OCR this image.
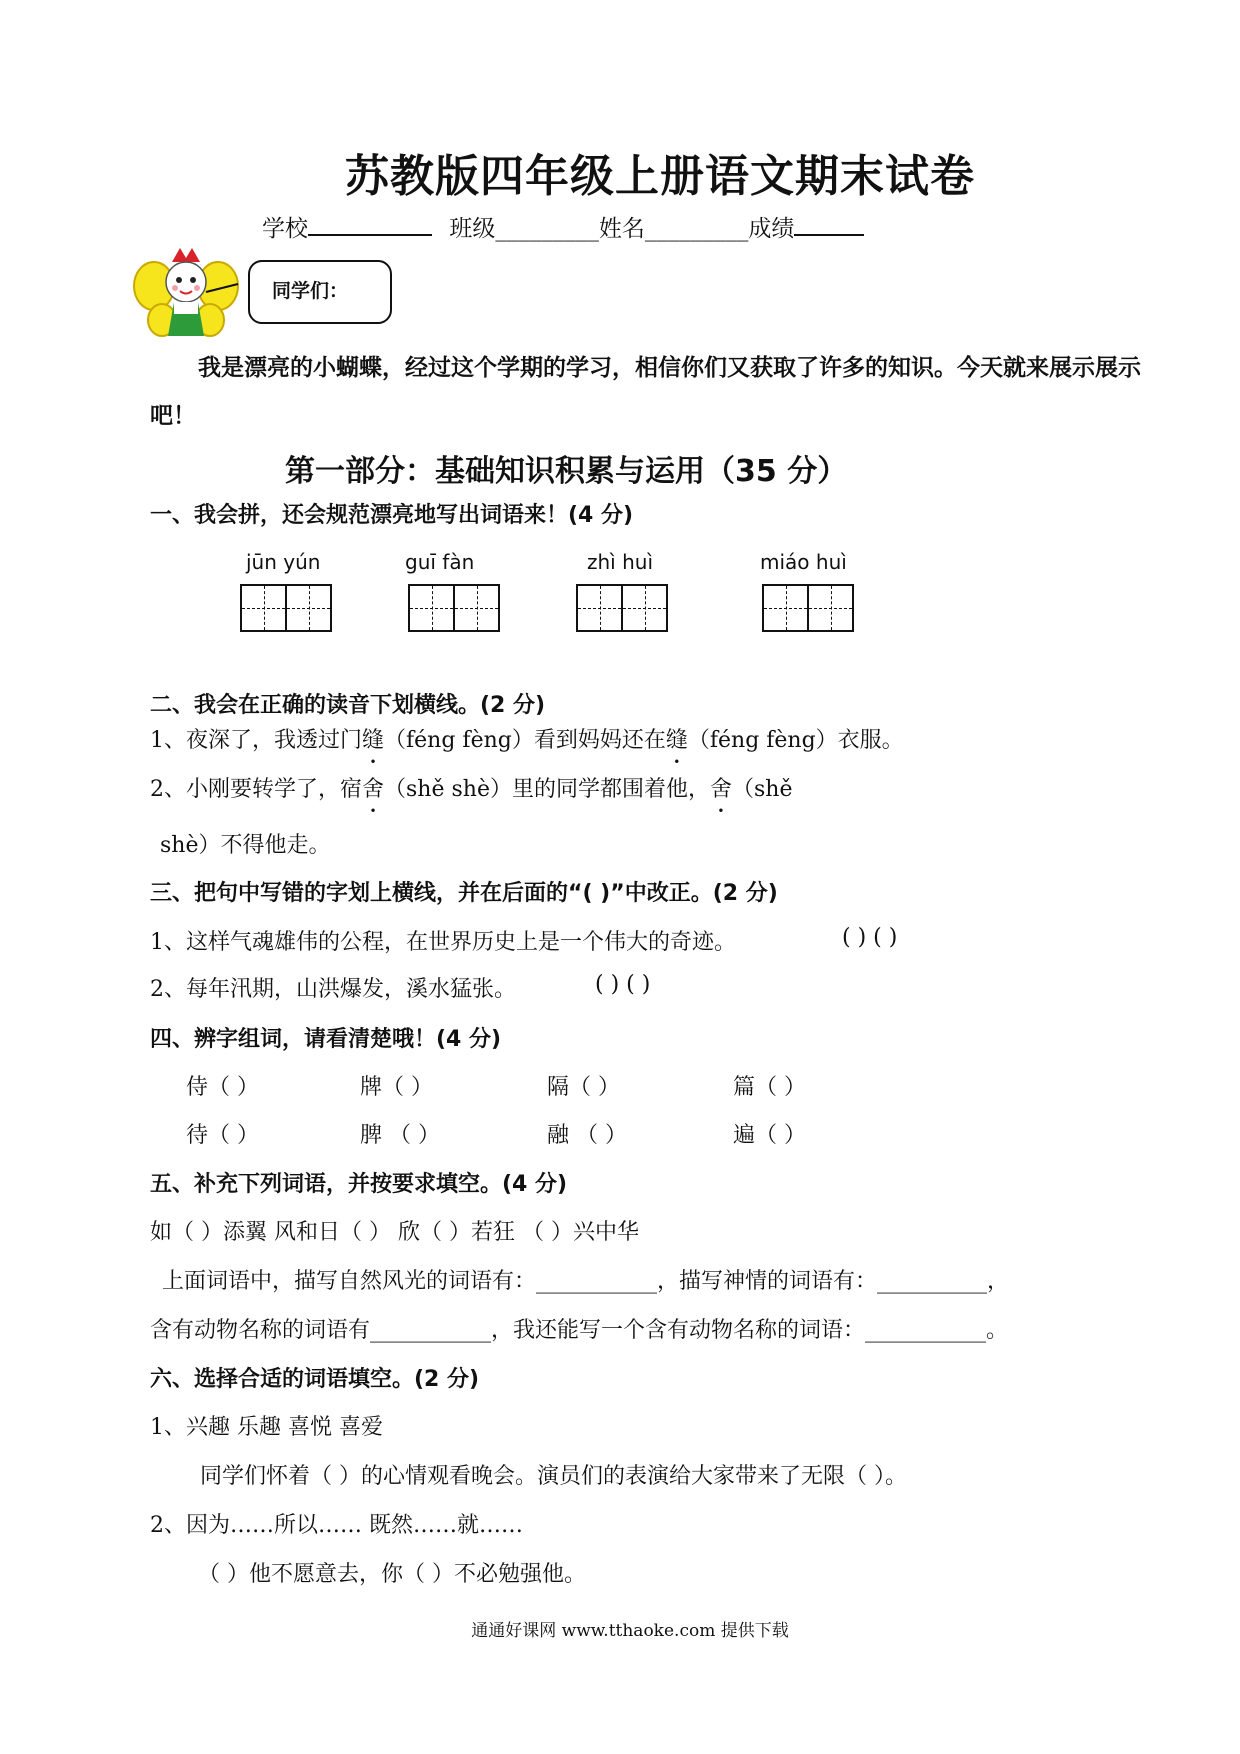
苏教版四年级上册语文期末试卷
学校	班级_________姓名_________成绩
同学们：
我是漂亮的小蝴蝶，经过这个学期的学习，相信你们又获取了许多的知识。今天就来展示展示吧！
第一部分：基础知识积累与运用（35 分）
一、我会拼，还会规范漂亮地写出词语来！(4 分)
jūn yún	guī fàn	zhì huì	miáo huì
二、我会在正确的读音下划横线。(2 分)
1、夜深了，我透过门缝（féng fèng）看到妈妈还在缝（féng fèng）衣服。
2、小刚要转学了，宿舍（shě shè）里的同学都围着他，舍（shě
shè）不得他走。
三、把句中写错的字划上横线，并在后面的“( )”中改正。(2 分)
1、这样气魂雄伟的公程，在世界历史上是一个伟大的奇迹。	( ) ( )
2、每年汛期，山洪爆发，溪水猛张。	( ) ( )
四、辨字组词，请看清楚哦！(4 分)
侍（ ）	牌（ ）	隔（ ）	篇（ ）
待（ ）	脾 （ ）	融 （ ）	遍（ ）
五、补充下列词语，并按要求填空。(4 分)
如（ ）添翼 风和日（ ） 欣（ ）若狂 （ ）兴中华
上面词语中，描写自然风光的词语有：___________，描写神情的词语有：__________，
含有动物名称的词语有___________，我还能写一个含有动物名称的词语：___________。
六、选择合适的词语填空。(2 分)
1、兴趣 乐趣 喜悦 喜爱
同学们怀着（ ）的心情观看晚会。演员们的表演给大家带来了无限（ ）。
2、因为……所以…… 既然……就……
（ ）他不愿意去，你（ ）不必勉强他。
通通好课网 www.tthaoke.com 提供下载
